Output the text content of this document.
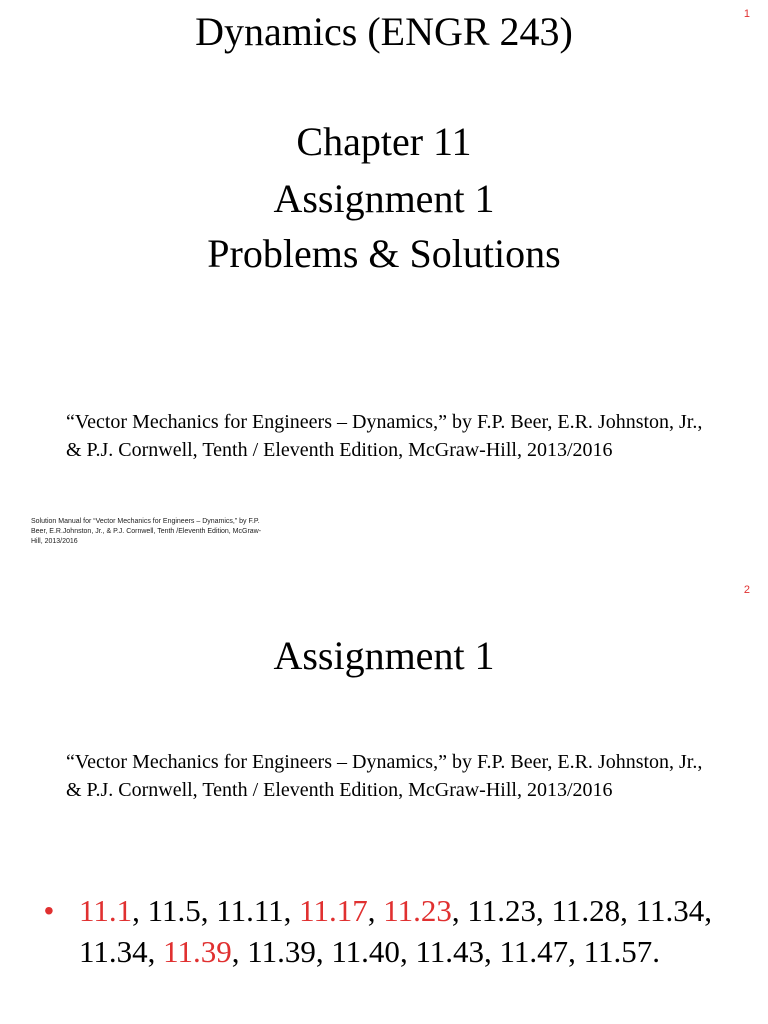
1
Dynamics (ENGR 243)
Chapter 11
Assignment 1
Problems & Solutions
“Vector Mechanics for Engineers – Dynamics,” by F.P. Beer, E.R. Johnston, Jr., & P.J. Cornwell, Tenth / Eleventh Edition, McGraw-Hill, 2013/2016
Solution Manual for “Vector Mechanics for Engineers – Dynamics,” by F.P. Beer, E.R.Johnston, Jr., & P.J. Cornwell, Tenth /Eleventh Edition, McGraw-Hill, 2013/2016
2
Assignment 1
“Vector Mechanics for Engineers – Dynamics,” by F.P. Beer, E.R. Johnston, Jr., & P.J. Cornwell, Tenth / Eleventh Edition, McGraw-Hill, 2013/2016
• 11.1, 11.5, 11.11, 11.17, 11.23, 11.23, 11.28, 11.34, 11.34, 11.39, 11.39, 11.40, 11.43, 11.47, 11.57.
